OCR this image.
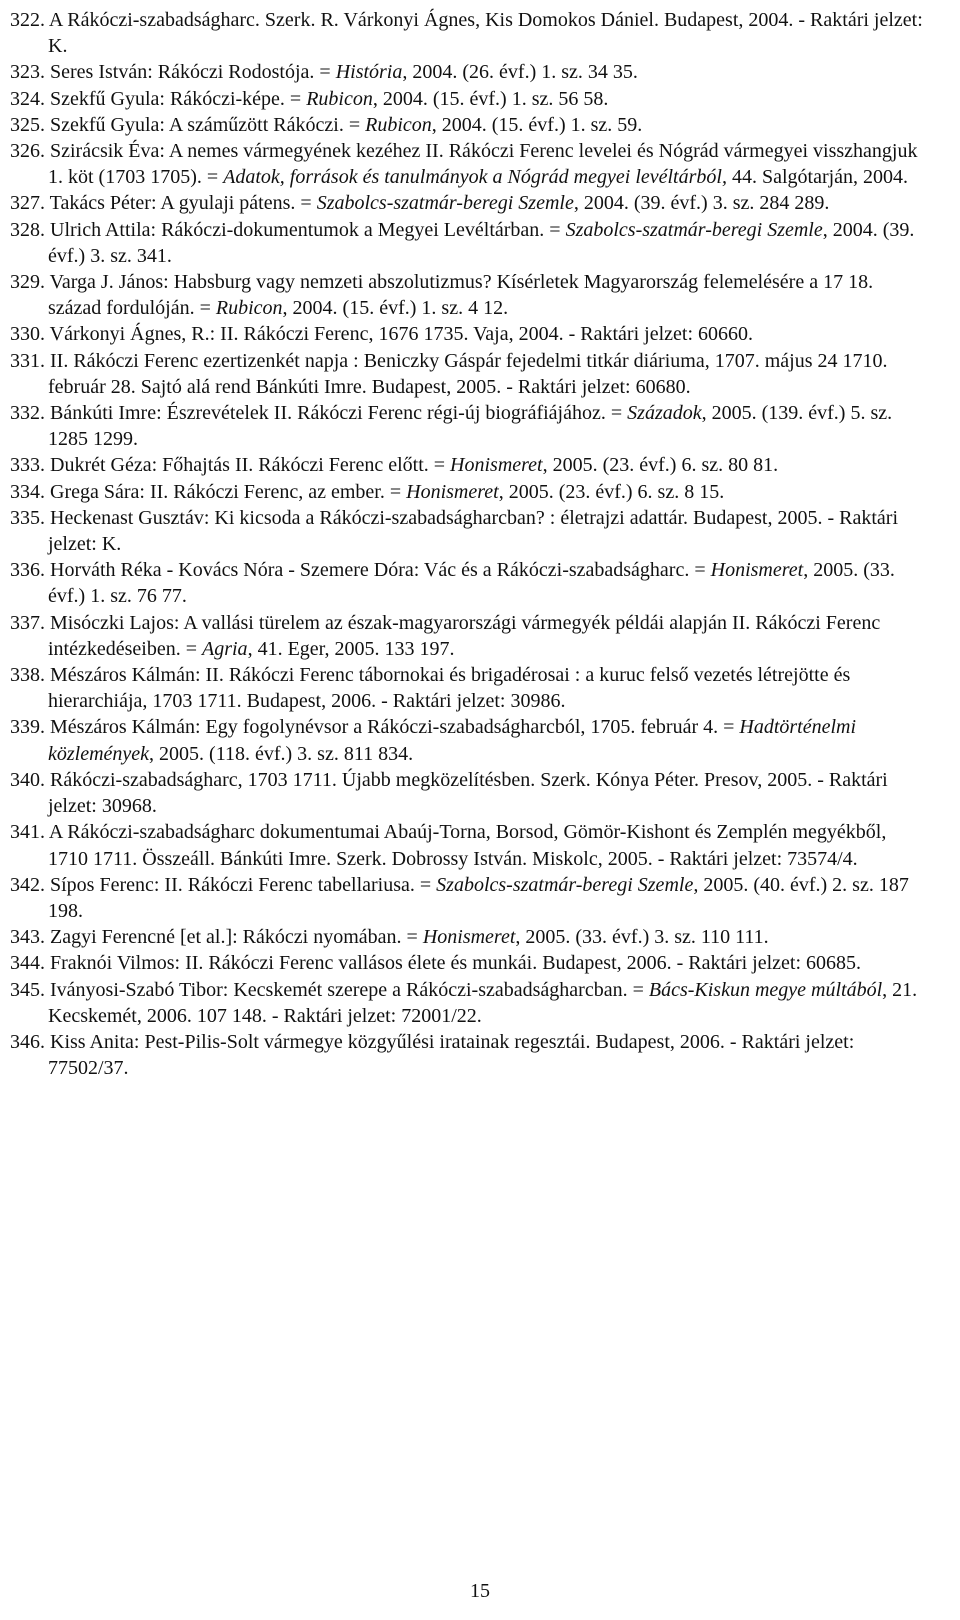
322. A Rákóczi-szabadságharc. Szerk. R. Várkonyi Ágnes, Kis Domokos Dániel. Budapest, 2004. - Raktári jelzet: K.
323. Seres István: Rákóczi Rodostója. = História, 2004. (26. évf.) 1. sz. 34 35.
324. Szekfű Gyula: Rákóczi-képe. = Rubicon, 2004. (15. évf.) 1. sz. 56 58.
325. Szekfű Gyula: A száműzött Rákóczi. = Rubicon, 2004. (15. évf.) 1. sz. 59.
326. Szirácsik Éva: A nemes vármegyének kezéhez II. Rákóczi Ferenc levelei és Nógrád vármegyei visszhangjuk 1. köt (1703 1705). = Adatok, források és tanulmányok a Nógrád megyei levéltárból, 44. Salgótarján, 2004.
327. Takács Péter: A gyulaji pátens. = Szabolcs-szatmár-beregi Szemle, 2004. (39. évf.) 3. sz. 284 289.
328. Ulrich Attila: Rákóczi-dokumentumok a Megyei Levéltárban. = Szabolcs-szatmár-beregi Szemle, 2004. (39. évf.) 3. sz. 341.
329. Varga J. János: Habsburg vagy nemzeti abszolutizmus? Kísérletek Magyarország felemelésére a 17 18. század fordulóján. = Rubicon, 2004. (15. évf.) 1. sz. 4 12.
330. Várkonyi Ágnes, R.: II. Rákóczi Ferenc, 1676 1735. Vaja, 2004. - Raktári jelzet: 60660.
331. II. Rákóczi Ferenc ezertizenkét napja : Beniczky Gáspár fejedelmi titkár diáriuma, 1707. május 24 1710. február 28. Sajtó alá rend Bánkúti Imre. Budapest, 2005. - Raktári jelzet: 60680.
332. Bánkúti Imre: Észrevételek II. Rákóczi Ferenc régi-új biográfiájához. = Századok, 2005. (139. évf.) 5. sz. 1285 1299.
333. Dukrét Géza: Főhajtás II. Rákóczi Ferenc előtt. = Honismeret, 2005. (23. évf.) 6. sz. 80 81.
334. Grega Sára: II. Rákóczi Ferenc, az ember. = Honismeret, 2005. (23. évf.) 6. sz. 8 15.
335. Heckenast Gusztáv: Ki kicsoda a Rákóczi-szabadságharcban? : életrajzi adattár. Budapest, 2005. - Raktári jelzet: K.
336. Horváth Réka - Kovács Nóra - Szemere Dóra: Vác és a Rákóczi-szabadságharc. = Honismeret, 2005. (33. évf.) 1. sz. 76 77.
337. Misóczki Lajos: A vallási türelem az észak-magyarországi vármegyék példái alapján II. Rákóczi Ferenc intézkedéseiben. = Agria, 41. Eger, 2005. 133 197.
338. Mészáros Kálmán: II. Rákóczi Ferenc tábornokai és brigadérosai : a kuruc felső vezetés létrejötte és hierarchiája, 1703 1711. Budapest, 2006. - Raktári jelzet: 30986.
339. Mészáros Kálmán: Egy fogolynévsor a Rákóczi-szabadságharcból, 1705. február 4. = Hadtörténelmi közlemények, 2005. (118. évf.) 3. sz. 811 834.
340. Rákóczi-szabadságharc, 1703 1711. Újabb megközelítésben. Szerk. Kónya Péter. Presov, 2005. - Raktári jelzet: 30968.
341. A Rákóczi-szabadságharc dokumentumai Abaúj-Torna, Borsod, Gömör-Kishont és Zemplén megyékből, 1710 1711. Összeáll. Bánkúti Imre. Szerk. Dobrossy István. Miskolc, 2005. - Raktári jelzet: 73574/4.
342. Sípos Ferenc: II. Rákóczi Ferenc tabellariusa. = Szabolcs-szatmár-beregi Szemle, 2005. (40. évf.) 2. sz. 187 198.
343. Zagyi Ferencné [et al.]: Rákóczi nyomában. = Honismeret, 2005. (33. évf.) 3. sz. 110 111.
344. Fraknói Vilmos: II. Rákóczi Ferenc vallásos élete és munkái. Budapest, 2006. - Raktári jelzet: 60685.
345. Iványosi-Szabó Tibor: Kecskemét szerepe a Rákóczi-szabadságharcban. = Bács-Kiskun megye múltából, 21. Kecskemét, 2006. 107 148. - Raktári jelzet: 72001/22.
346. Kiss Anita: Pest-Pilis-Solt vármegye közgyűlési iratainak regesztái. Budapest, 2006. - Raktári jelzet: 77502/37.
15
